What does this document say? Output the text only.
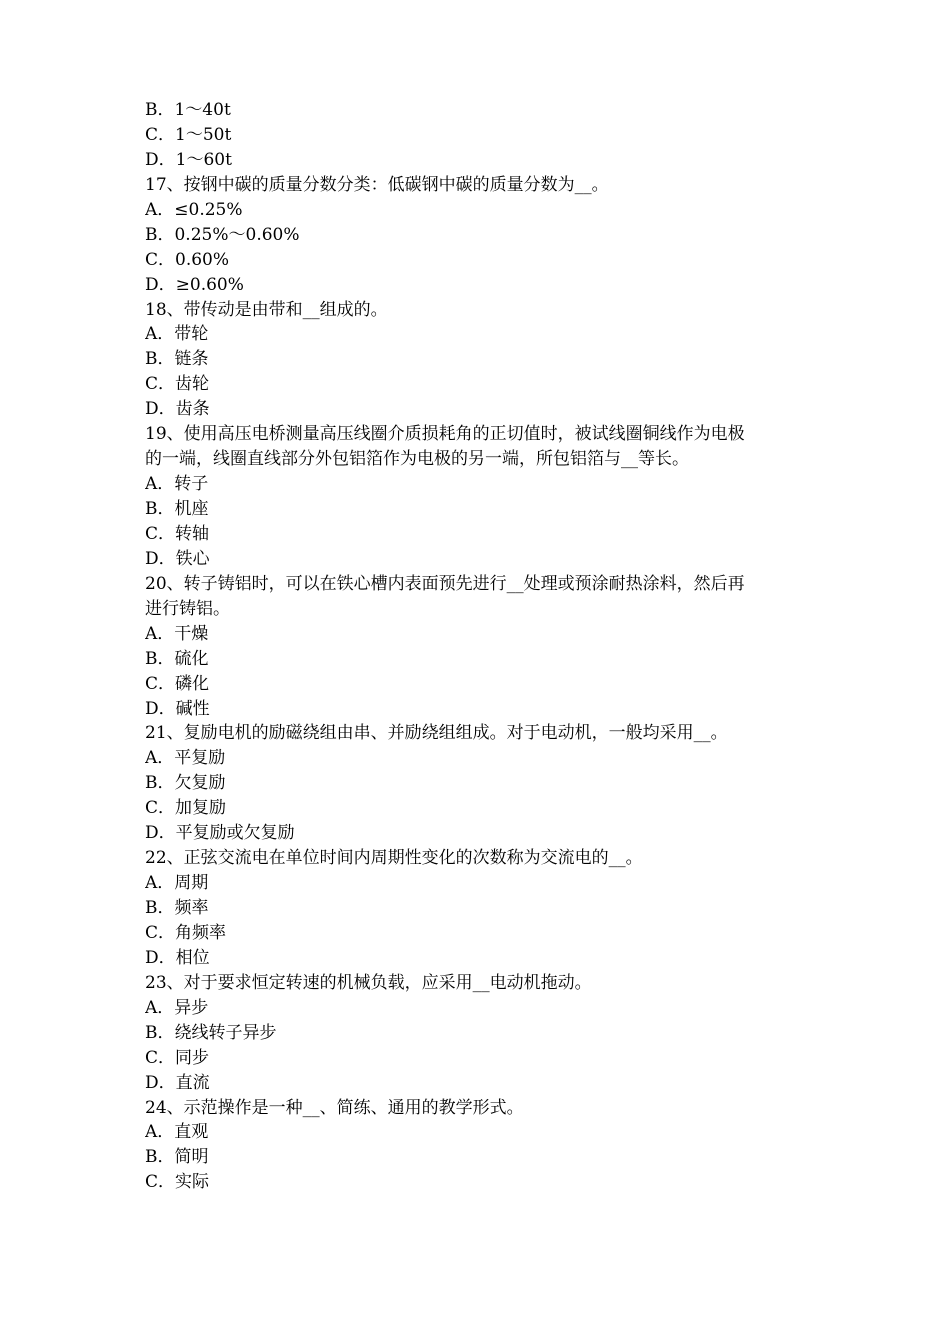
B．1～40t
C．1～50t
D．1～60t
17、按钢中碳的质量分数分类：低碳钢中碳的质量分数为__。
A．≤0.25%
B．0.25%～0.60%
C．0.60%
D．≥0.60%
18、带传动是由带和__组成的。
A．带轮
B．链条
C．齿轮
D．齿条
19、使用高压电桥测量高压线圈介质损耗角的正切值时，被试线圈铜线作为电极
的一端，线圈直线部分外包铝箔作为电极的另一端，所包铝箔与__等长。
A．转子
B．机座
C．转轴
D．铁心
20、转子铸铝时，可以在铁心槽内表面预先进行__处理或预涂耐热涂料，然后再
进行铸铝。
A．干燥
B．硫化
C．磷化
D．碱性
21、复励电机的励磁绕组由串、并励绕组组成。对于电动机，一般均采用__。
A．平复励
B．欠复励
C．加复励
D．平复励或欠复励
22、正弦交流电在单位时间内周期性变化的次数称为交流电的__。
A．周期
B．频率
C．角频率
D．相位
23、对于要求恒定转速的机械负载，应采用__电动机拖动。
A．异步
B．绕线转子异步
C．同步
D．直流
24、示范操作是一种__、简练、通用的教学形式。
A．直观
B．简明
C．实际
